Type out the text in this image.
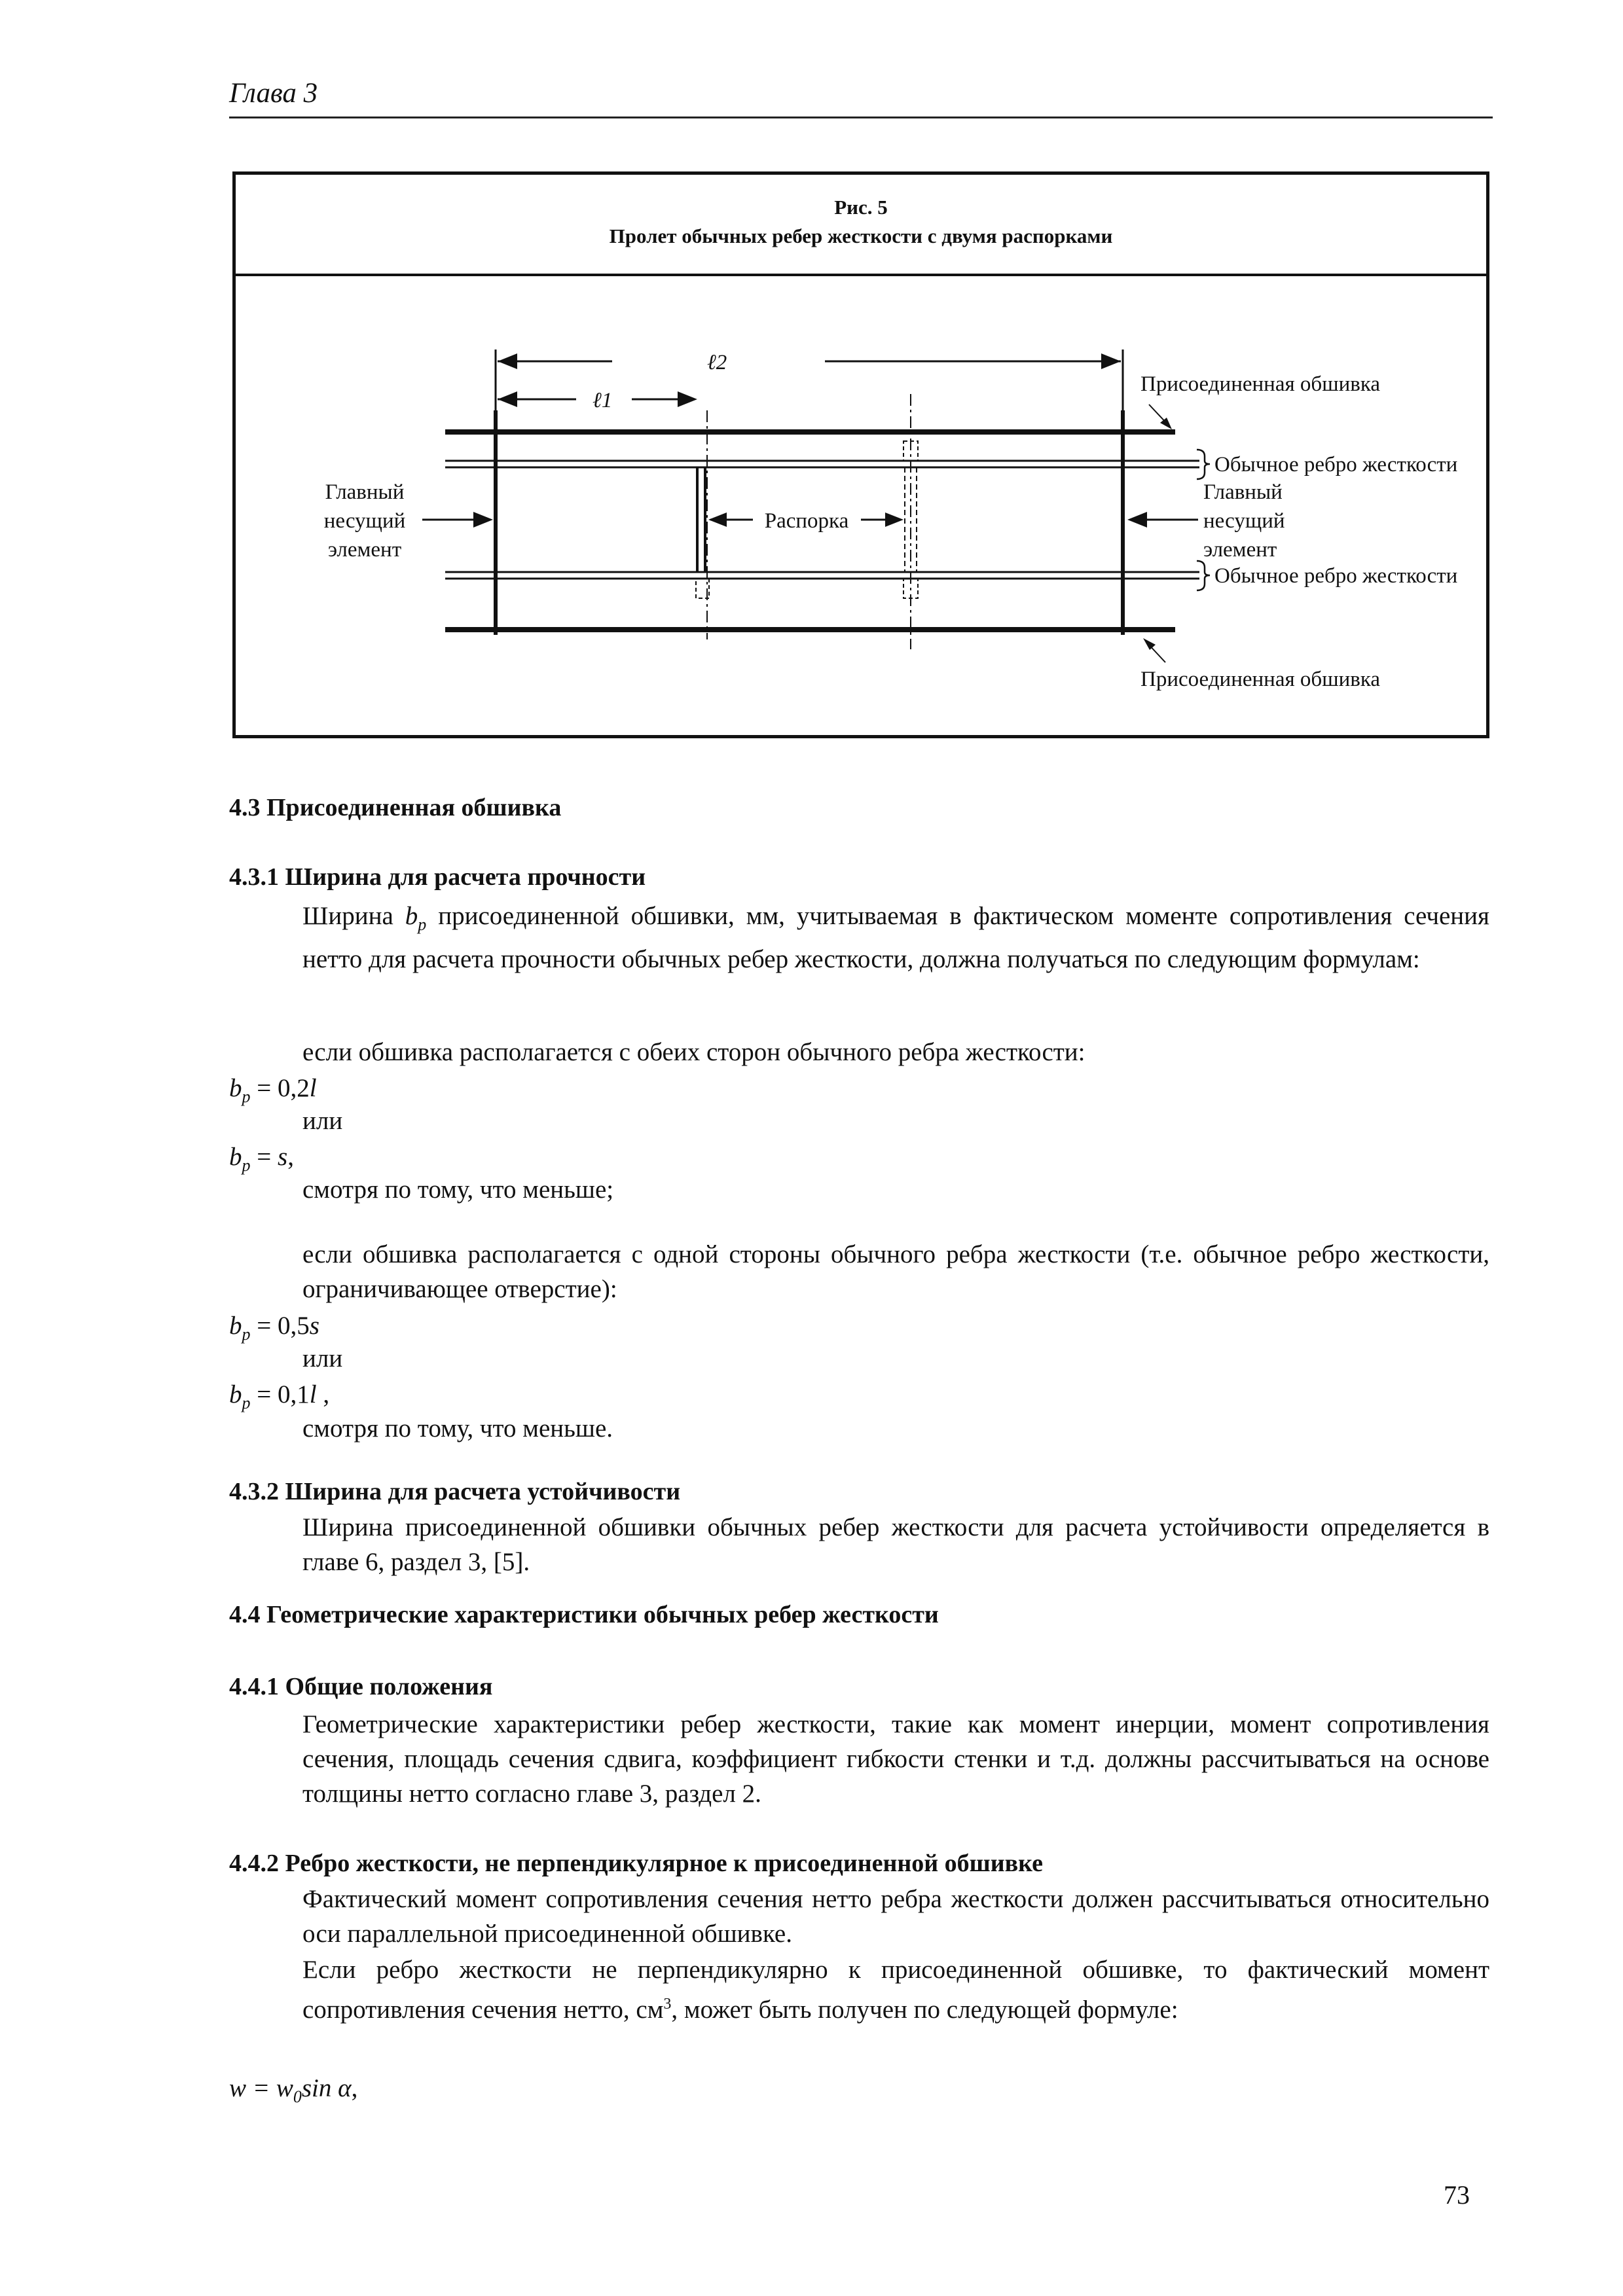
Глава 3
Рис. 5
Пролет обычных ребер жесткости с двумя распорками
ℓ2
ℓ1
Главный
несущий
элемент
Главный
несущий
элемент
Распорка
Присоединенная обшивка
Присоединенная обшивка
Обычное ребро жесткости
Обычное ребро жесткости
4.3 Присоединенная обшивка
4.3.1 Ширина для расчета прочности
Ширина $b_p$ присоединенной обшивки, мм, учитываемая в фактическом моменте сопротивления сечения нетто для расчета прочности обычных ребер жесткости, должна получаться по следующим формулам:
если обшивка располагается с обеих сторон обычного ребра жесткости:
$b_p = 0,2l$
или
$b_p = s$,
смотря по тому, что меньше;
если обшивка располагается с одной стороны обычного ребра жесткости (т.е. обычное ребро жесткости, ограничивающее отверстие):
$b_p = 0,5s$
или
$b_p = 0,1l$ ,
смотря по тому, что меньше.
4.3.2 Ширина для расчета устойчивости
Ширина присоединенной обшивки обычных ребер жесткости для расчета устойчивости определяется в главе 6, раздел 3, [5].
4.4 Геометрические характеристики обычных ребер жесткости
4.4.1 Общие положения
Геометрические характеристики ребер жесткости, такие как момент инерции, момент сопротивления сечения, площадь сечения сдвига, коэффициент гибкости стенки и т.д. должны рассчитываться на основе толщины нетто согласно главе 3, раздел 2.
4.4.2 Ребро жесткости, не перпендикулярное к присоединенной обшивке
Фактический момент сопротивления сечения нетто ребра жесткости должен рассчитываться относительно оси параллельной присоединенной обшивке.
Если ребро жесткости не перпендикулярно к присоединенной обшивке, то фактический момент сопротивления сечения нетто, $см^3$, может быть получен по следующей формуле:
$w = w_0\sin$ α,
73
